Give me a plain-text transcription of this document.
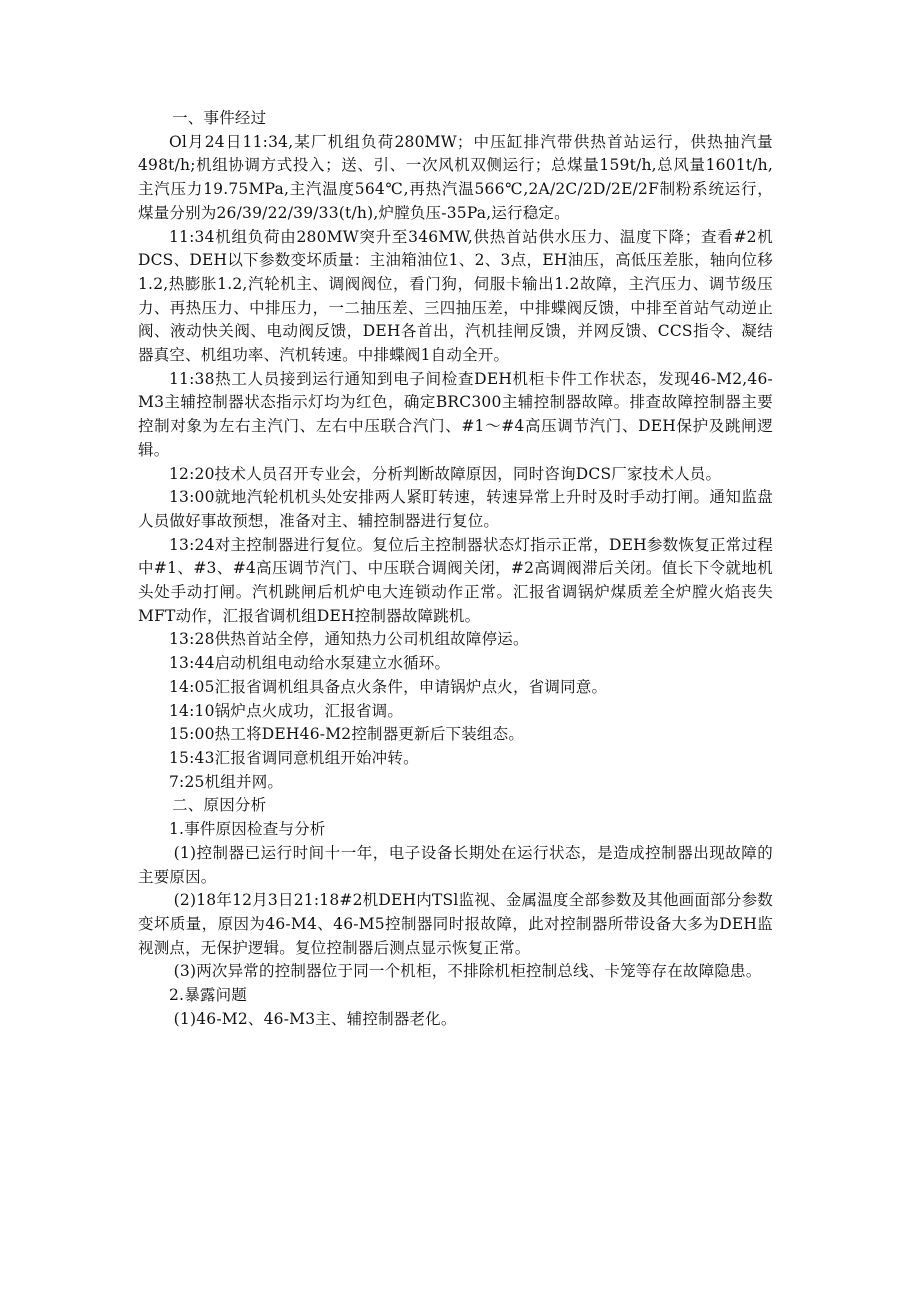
一、事件经过

Ol月24日11:34,某厂机组负荷280MW；中压缸排汽带供热首站运行，供热抽汽量498t/h;机组协调方式投入；送、引、一次风机双侧运行；总煤量159t/h,总风量1601t/h,主汽压力19.75MPa,主汽温度564℃,再热汽温566℃,2A/2C/2D/2E/2F制粉系统运行，煤量分别为26/39/22/39/33(t/h),炉膛负压-35Pa,运行稳定。

11:34机组负荷由280MW突升至346MW,供热首站供水压力、温度下降；查看#2机DCS、DEH以下参数变坏质量：主油箱油位1、2、3点，EH油压，高低压差胀，轴向位移1.2,热膨胀1.2,汽轮机主、调阀阀位，看门狗，伺服卡输出1.2故障，主汽压力、调节级压力、再热压力、中排压力，一二抽压差、三四抽压差，中排蝶阀反馈，中排至首站气动逆止阀、液动快关阀、电动阀反馈，DEH各首出，汽机挂闸反馈，并网反馈、CCS指令、凝结器真空、机组功率、汽机转速。中排蝶阀1自动全开。

11:38热工人员接到运行通知到电子间检查DEH机柜卡件工作状态，发现46-M2,46-M3主辅控制器状态指示灯均为红色，确定BRC300主辅控制器故障。排查故障控制器主要控制对象为左右主汽门、左右中压联合汽门、#1～#4高压调节汽门、DEH保护及跳闸逻辑。

12:20技术人员召开专业会，分析判断故障原因，同时咨询DCS厂家技术人员。

13:00就地汽轮机机头处安排两人紧盯转速，转速异常上升时及时手动打闸。通知监盘人员做好事故预想，准备对主、辅控制器进行复位。

13:24对主控制器进行复位。复位后主控制器状态灯指示正常，DEH参数恢复正常过程中#1、#3、#4高压调节汽门、中压联合调阀关闭，#2高调阀滞后关闭。值长下令就地机头处手动打闸。汽机跳闸后机炉电大连锁动作正常。汇报省调锅炉煤质差全炉膛火焰丧失MFT动作，汇报省调机组DEH控制器故障跳机。

13:28供热首站全停，通知热力公司机组故障停运。

13:44启动机组电动给水泵建立水循环。

14:05汇报省调机组具备点火条件，申请锅炉点火，省调同意。

14:10锅炉点火成功，汇报省调。

15:00热工将DEH46-M2控制器更新后下装组态。

15:43汇报省调同意机组开始冲转。

7:25机组并网。

二、原因分析

1.事件原因检查与分析

(1)控制器已运行时间十一年，电子设备长期处在运行状态，是造成控制器出现故障的主要原因。

(2)18年12月3日21:18#2机DEH内TSl监视、金属温度全部参数及其他画面部分参数变坏质量，原因为46-M4、46-M5控制器同时报故障，此对控制器所带设备大多为DEH监视测点，无保护逻辑。复位控制器后测点显示恢复正常。

(3)两次异常的控制器位于同一个机柜，不排除机柜控制总线、卡笼等存在故障隐患。

2.暴露问题

(1)46-M2、46-M3主、辅控制器老化。
